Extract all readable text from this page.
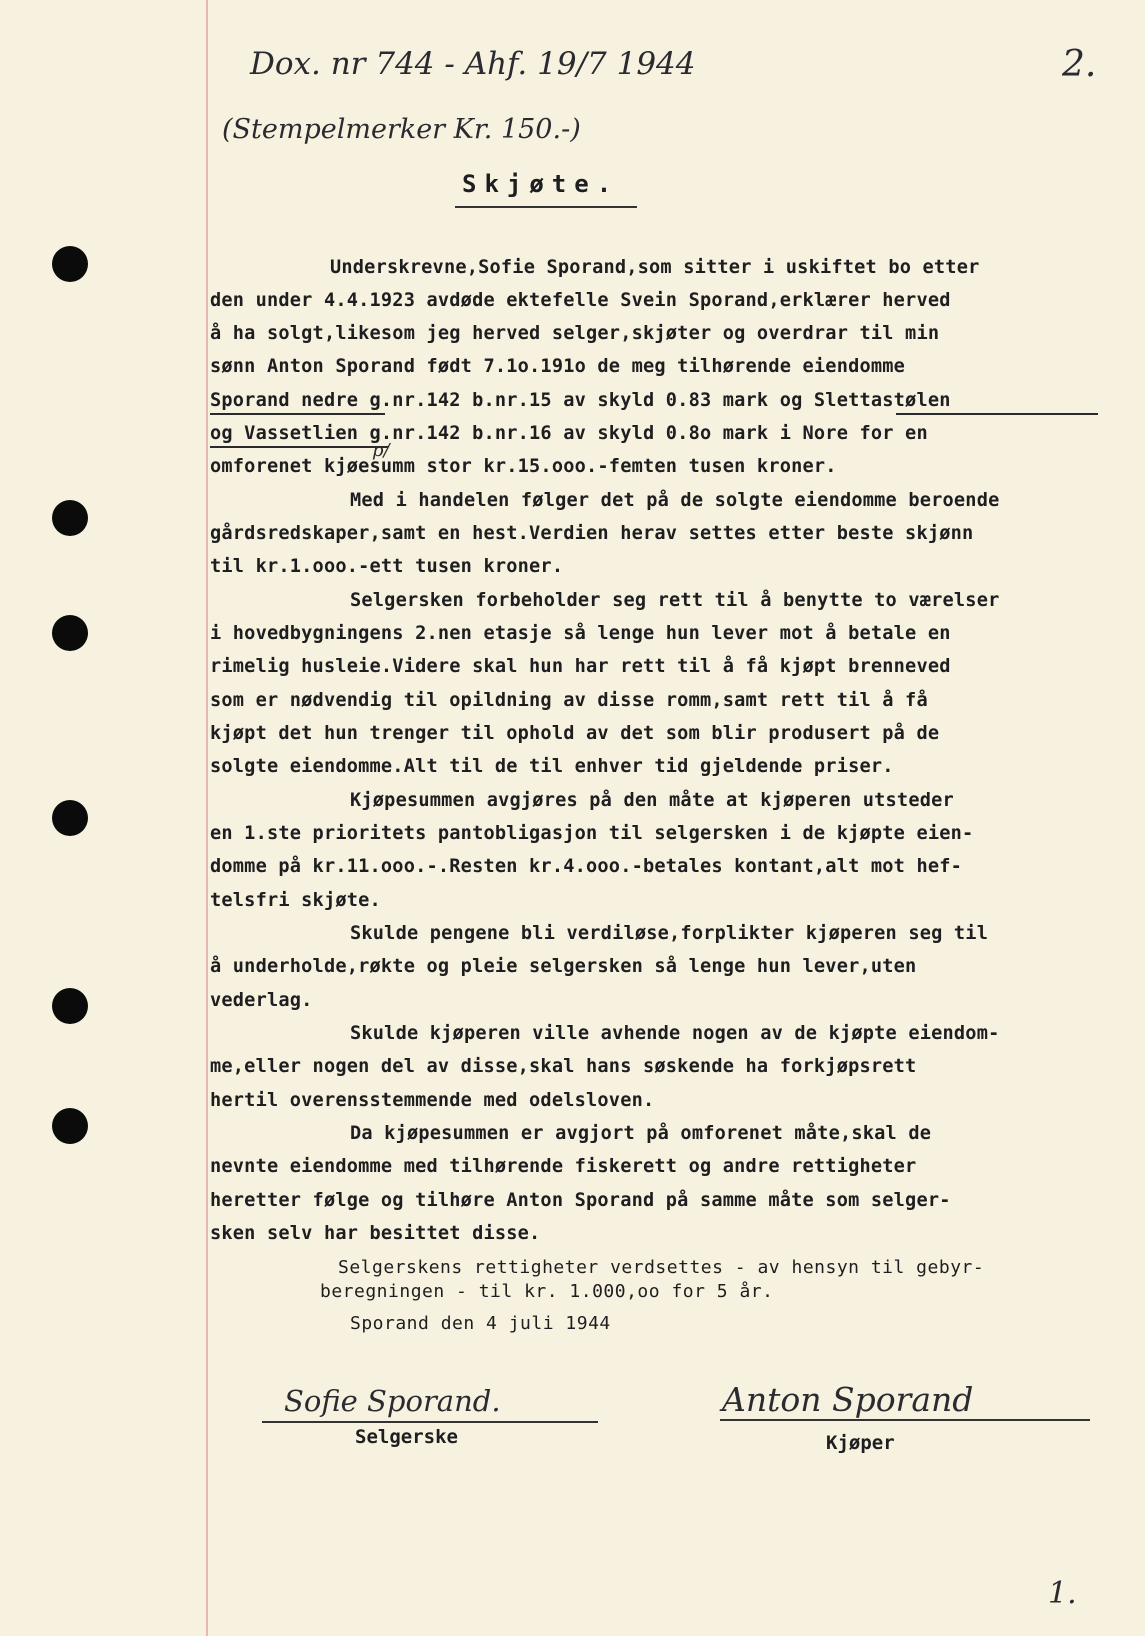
Dox. nr 744 - Ahf. 19/7 1944
(Stempelmerker Kr. 150.-)
2.
Skjøte.
Underskrevne,Sofie Sporand,som sitter i uskiftet bo etter
den under 4.4.1923 avdøde ektefelle Svein Sporand,erklærer herved
å ha solgt,likesom jeg herved selger,skjøter og overdrar til min
sønn Anton Sporand født 7.1o.191o de meg tilhørende eiendomme
Sporand nedre g.nr.142 b.nr.15 av skyld 0.83 mark og Slettastølen
og Vassetlien g.nr.142 b.nr.16 av skyld 0.8o mark i Nore for en
p/
omforenet kjøesumm stor kr.15.ooo.-femten tusen kroner.
Med i handelen følger det på de solgte eiendomme beroende
gårdsredskaper,samt en hest.Verdien herav settes etter beste skjønn
til kr.1.ooo.-ett tusen kroner.
Selgersken forbeholder seg rett til å benytte to værelser
i hovedbygningens 2.nen etasje så lenge hun lever mot å betale en
rimelig husleie.Videre skal hun har rett til å få kjøpt brenneved
som er nødvendig til opildning av disse romm,samt rett til å få
kjøpt det hun trenger til ophold av det som blir produsert på de
solgte eiendomme.Alt til de til enhver tid gjeldende priser.
Kjøpesummen avgjøres på den måte at kjøperen utsteder
en 1.ste prioritets pantobligasjon til selgersken i de kjøpte eien-
domme på kr.11.ooo.-.Resten kr.4.ooo.-betales kontant,alt mot hef-
telsfri skjøte.
Skulde pengene bli verdiløse,forplikter kjøperen seg til
å underholde,røkte og pleie selgersken så lenge hun lever,uten
vederlag.
Skulde kjøperen ville avhende nogen av de kjøpte eiendom-
me,eller nogen del av disse,skal hans søskende ha forkjøpsrett
hertil overensstemmende med odelsloven.
Da kjøpesummen er avgjort på omforenet måte,skal de
nevnte eiendomme med tilhørende fiskerett og andre rettigheter
heretter følge og tilhøre Anton Sporand på samme måte som selger-
sken selv har besittet disse.
Selgerskens rettigheter verdsettes - av hensyn til gebyr-
beregningen - til kr. 1.000,oo for 5 år.
Sporand den 4 juli 1944
Sofie Sporand.
Selgerske
Anton Sporand
Kjøper
1.
